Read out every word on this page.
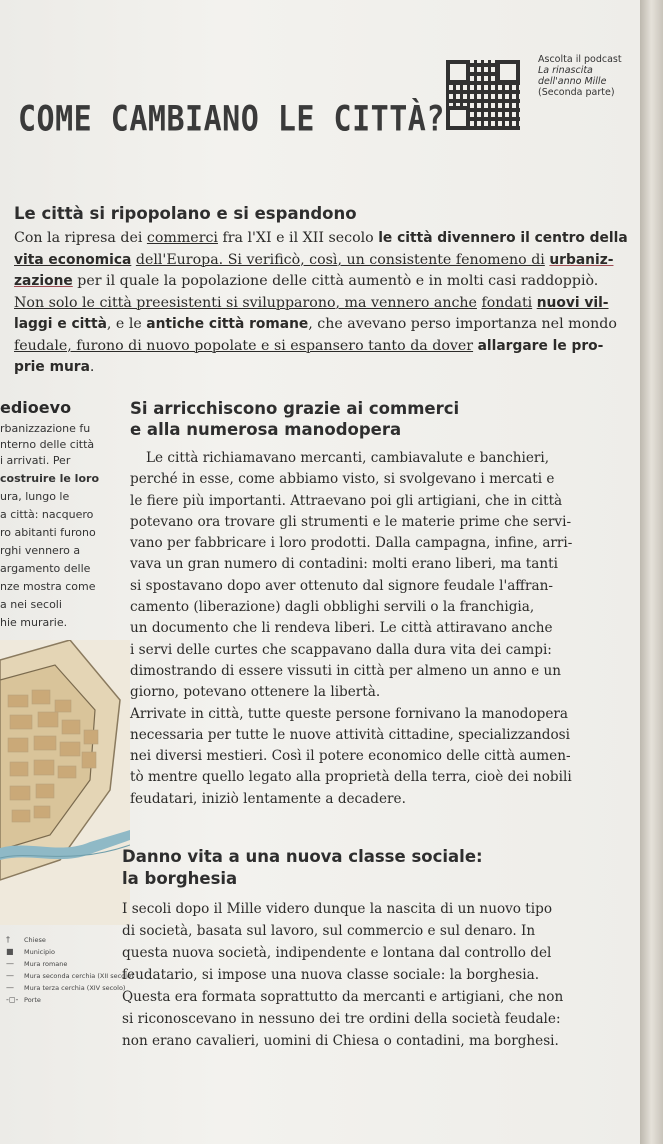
Ascolta il podcast
La rinascita
dell'anno Mille
(Seconda parte)
COME CAMBIANO LE CITTÀ?
Le città si ripopolano e si espandono
Con la ripresa dei commerci fra l'XI e il XII secolo le città divennero il centro della
vita economica dell'Europa. Si verificò, così, un consistente fenomeno di urbaniz-
zazione per il quale la popolazione delle città aumentò e in molti casi raddoppiò.
Non solo le città preesistenti si svilupparono, ma vennero anche fondati nuovi vil-
laggi e città, e le antiche città romane, che avevano perso importanza nel mondo
feudale, furono di nuovo popolate e si espansero tanto da dover allargare le pro-
prie mura.
edioevo
rbanizzazione fu
nterno delle città
i arrivati. Per
costruire le loro
ura, lungo le
a città: nacquero
ro abitanti furono
rghi vennero a
argamento delle
nze mostra come
a nei secoli
hie murarie.
† Chiese
■ Municipio
— Mura romane
— Mura seconda cerchia (XII secolo)
— Mura terza cerchia (XIV secolo)
-◻- Porte
Si arricchiscono grazie ai commerci
e alla numerosa manodopera
Le città richiamavano mercanti, cambiavalute e banchieri,
perché in esse, come abbiamo visto, si svolgevano i mercati e
le fiere più importanti. Attraevano poi gli artigiani, che in città
potevano ora trovare gli strumenti e le materie prime che servi-
vano per fabbricare i loro prodotti. Dalla campagna, infine, arri-
vava un gran numero di contadini: molti erano liberi, ma tanti
si spostavano dopo aver ottenuto dal signore feudale l'affran-
camento (liberazione) dagli obblighi servili o la franchigia,
un documento che li rendeva liberi. Le città attiravano anche
i servi delle curtes che scappavano dalla dura vita dei campi:
dimostrando di essere vissuti in città per almeno un anno e un
giorno, potevano ottenere la libertà.
Arrivate in città, tutte queste persone fornivano la manodopera
necessaria per tutte le nuove attività cittadine, specializzandosi
nei diversi mestieri. Così il potere economico delle città aumen-
tò mentre quello legato alla proprietà della terra, cioè dei nobili
feudatari, iniziò lentamente a decadere.
Danno vita a una nuova classe sociale:
la borghesia
I secoli dopo il Mille videro dunque la nascita di un nuovo tipo
di società, basata sul lavoro, sul commercio e sul denaro. In
questa nuova società, indipendente e lontana dal controllo del
feudatario, si impose una nuova classe sociale: la borghesia.
Questa era formata soprattutto da mercanti e artigiani, che non
si riconoscevano in nessuno dei tre ordini della società feudale:
non erano cavalieri, uomini di Chiesa o contadini, ma borghesi.
